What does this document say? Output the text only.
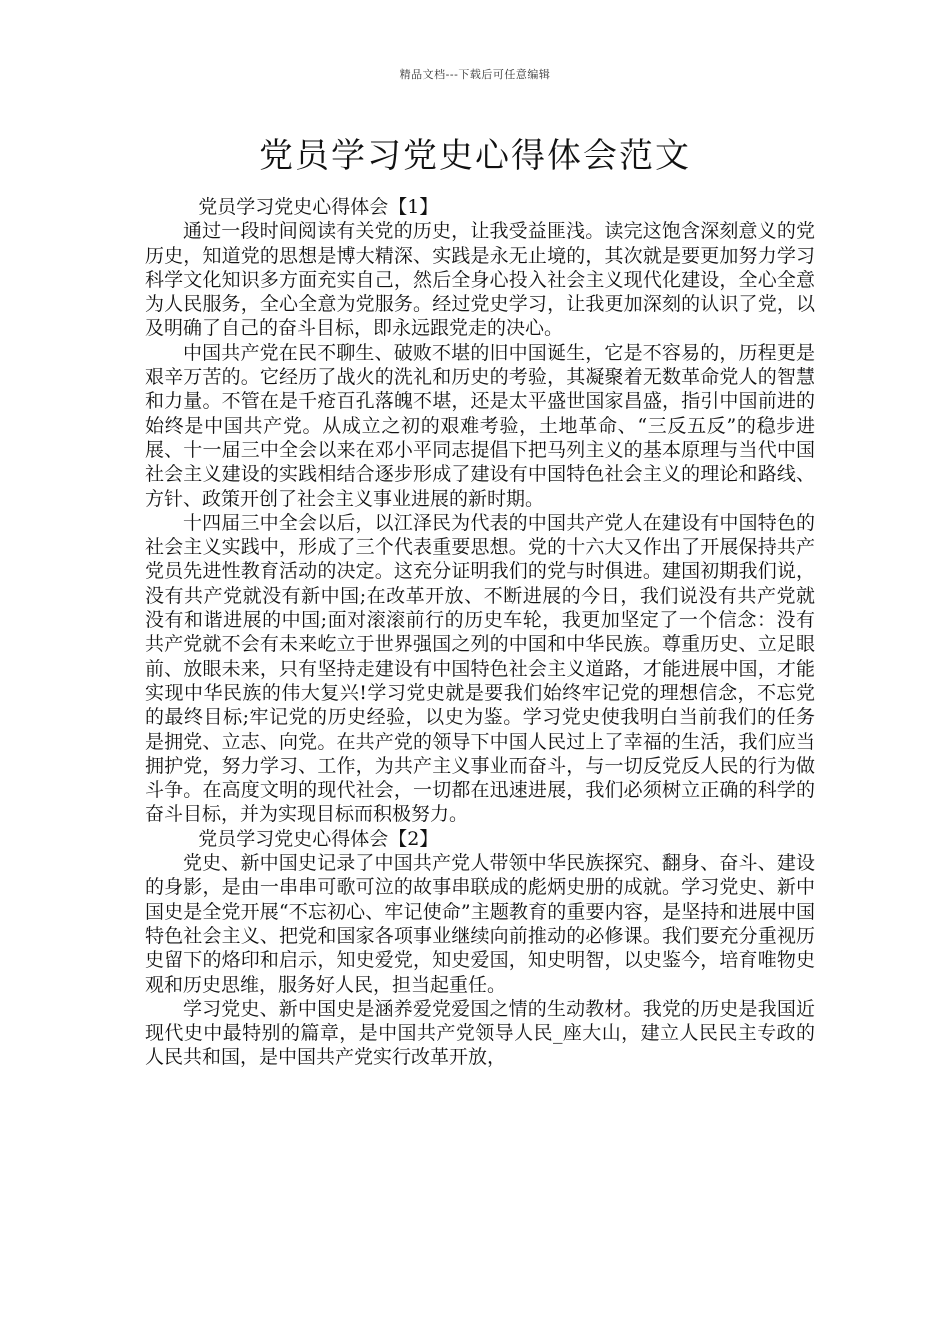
精品文档---下载后可任意编辑
党员学习党史心得体会范文

党员学习党史心得体会【1】

通过一段时间阅读有关党的历史，让我受益匪浅。读完这饱含深刻意义的党历史，知道党的思想是博大精深、实践是永无止境的，其次就是要更加努力学习科学文化知识多方面充实自己，然后全身心投入社会主义现代化建设，全心全意为人民服务，全心全意为党服务。经过党史学习，让我更加深刻的认识了党，以及明确了自己的奋斗目标，即永远跟党走的决心。

中国共产党在民不聊生、破败不堪的旧中国诞生，它是不容易的，历程更是艰辛万苦的。它经历了战火的洗礼和历史的考验，其凝聚着无数革命党人的智慧和力量。不管在是千疮百孔落魄不堪，还是太平盛世国家昌盛，指引中国前进的始终是中国共产党。从成立之初的艰难考验，土地革命、“三反五反”的稳步进展、十一届三中全会以来在邓小平同志提倡下把马列主义的基本原理与当代中国社会主义建设的实践相结合逐步形成了建设有中国特色社会主义的理论和路线、方针、政策开创了社会主义事业进展的新时期。

十四届三中全会以后，以江泽民为代表的中国共产党人在建设有中国特色的社会主义实践中，形成了三个代表重要思想。党的十六大又作出了开展保持共产党员先进性教育活动的决定。这充分证明我们的党与时俱进。建国初期我们说，没有共产党就没有新中国;在改革开放、不断进展的今日，我们说没有共产党就没有和谐进展的中国;面对滚滚前行的历史车轮，我更加坚定了一个信念：没有共产党就不会有未来屹立于世界强国之列的中国和中华民族。尊重历史、立足眼前、放眼未来，只有坚持走建设有中国特色社会主义道路，才能进展中国，才能实现中华民族的伟大复兴!学习党史就是要我们始终牢记党的理想信念，不忘党的最终目标;牢记党的历史经验，以史为鉴。学习党史使我明白当前我们的任务是拥党、立志、向党。在共产党的领导下中国人民过上了幸福的生活，我们应当拥护党，努力学习、工作，为共产主义事业而奋斗，与一切反党反人民的行为做斗争。在高度文明的现代社会，一切都在迅速进展，我们必须树立正确的科学的奋斗目标，并为实现目标而积极努力。

党员学习党史心得体会【2】

党史、新中国史记录了中国共产党人带领中华民族探究、翻身、奋斗、建设的身影，是由一串串可歌可泣的故事串联成的彪炳史册的成就。学习党史、新中国史是全党开展“不忘初心、牢记使命”主题教育的重要内容，是坚持和进展中国特色社会主义、把党和国家各项事业继续向前推动的必修课。我们要充分重视历史留下的烙印和启示，知史爱党，知史爱国，知史明智，以史鉴今，培育唯物史观和历史思维，服务好人民，担当起重任。

学习党史、新中国史是涵养爱党爱国之情的生动教材。我党的历史是我国近现代史中最特别的篇章，是中国共产党领导人民_座大山，建立人民民主专政的人民共和国，是中国共产党实行改革开放，
